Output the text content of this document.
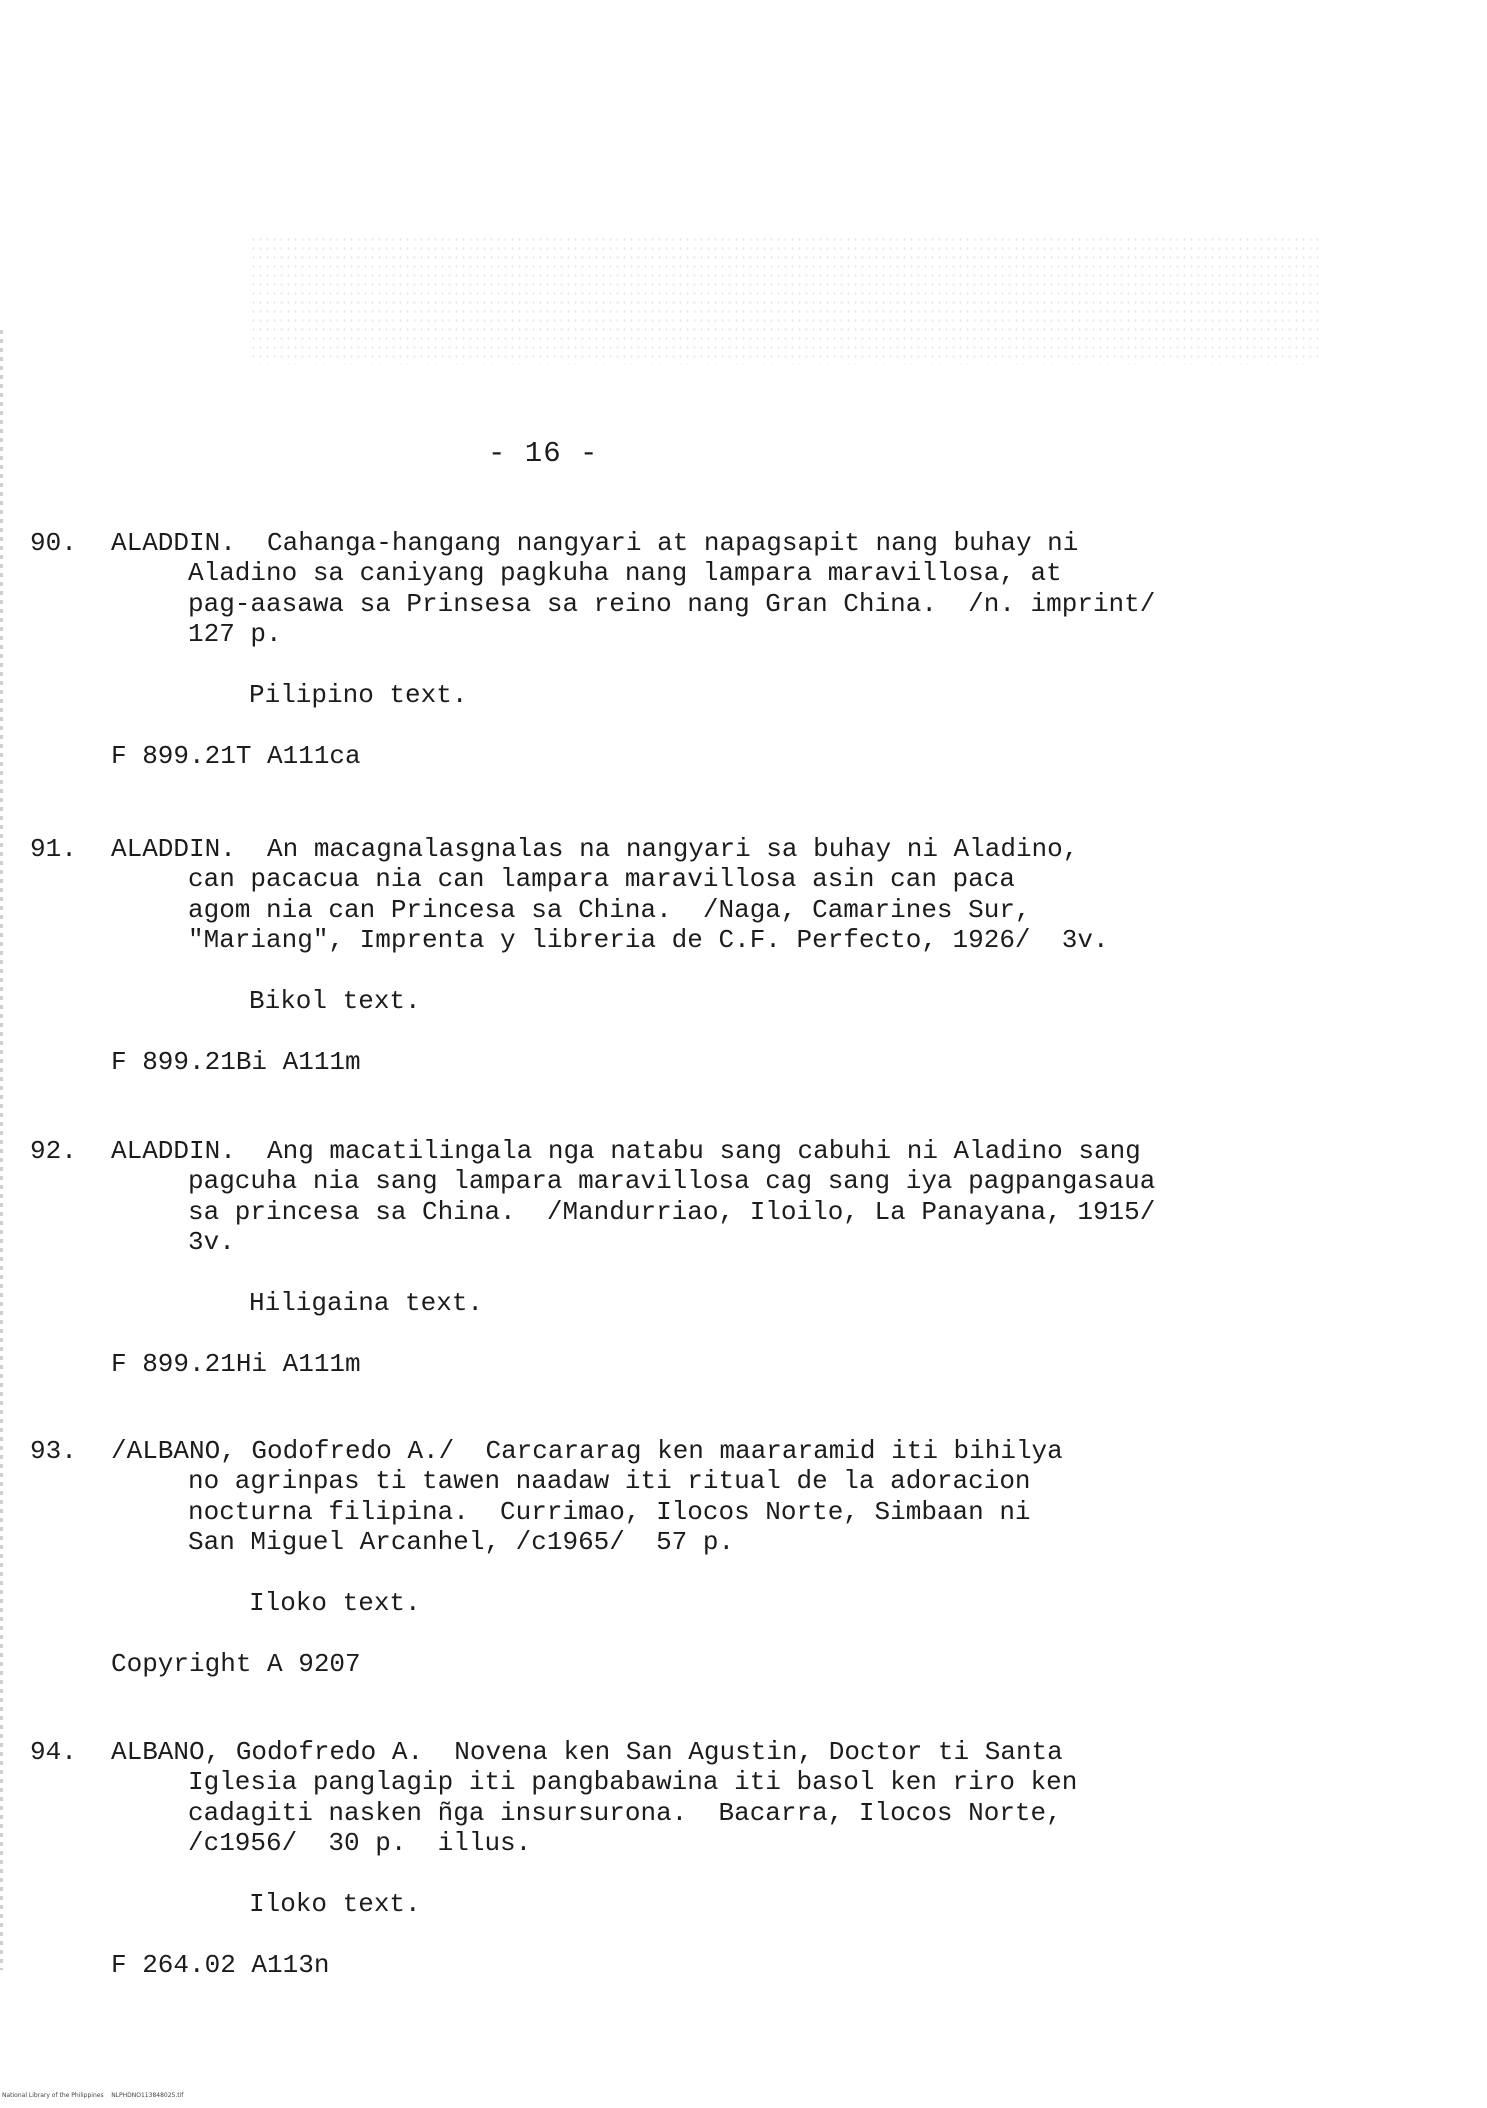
- 16 -
90. ALADDIN.  Cahanga-hangang nangyari at napagsapit nang buhay ni
Aladino sa caniyang pagkuha nang lampara maravillosa, at
pag-aasawa sa Prinsesa sa reino nang Gran China.  /n. imprint/
127 p.
Pilipino text.
F 899.21T A111ca
91. ALADDIN.  An macagnalasgnalas na nangyari sa buhay ni Aladino,
can pacacua nia can lampara maravillosa asin can paca
agom nia can Princesa sa China.  /Naga, Camarines Sur,
"Mariang", Imprenta y libreria de C.F. Perfecto, 1926/  3v.
Bikol text.
F 899.21Bi A111m
92. ALADDIN.  Ang macatilingala nga natabu sang cabuhi ni Aladino sang
pagcuha nia sang lampara maravillosa cag sang iya pagpangasaua
sa princesa sa China.  /Mandurriao, Iloilo, La Panayana, 1915/
3v.
Hiligaina text.
F 899.21Hi A111m
93. /ALBANO, Godofredo A./  Carcararag ken maararamid iti bihilya
no agrinpas ti tawen naadaw iti ritual de la adoracion
nocturna filipina.  Currimao, Ilocos Norte, Simbaan ni
San Miguel Arcanhel, /c1965/  57 p.
Iloko text.
Copyright A 9207
94. ALBANO, Godofredo A.  Novena ken San Agustin, Doctor ti Santa
Iglesia panglagip iti pangbabawina iti basol ken riro ken
cadagiti nasken ñga insursurona.  Bacarra, Ilocos Norte,
/c1956/  30 p.  illus.
Iloko text.
F 264.02 A113n
National Library of the Philippines    NLPHDNO113848025.tif
